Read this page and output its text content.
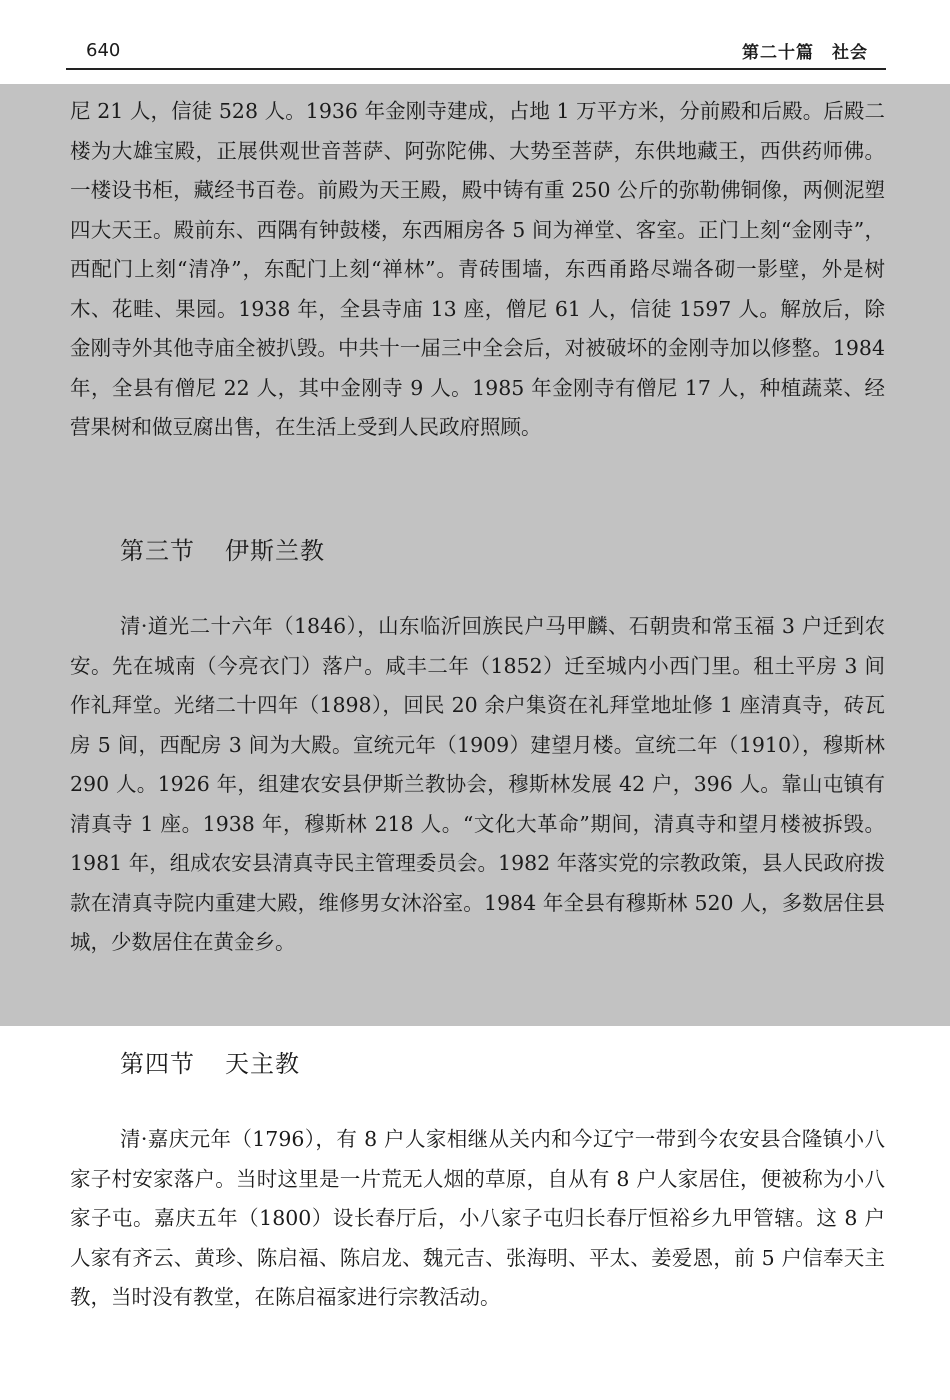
640	第二十篇　社会

尼 21 人，信徒 528 人。1936 年金刚寺建成，占地 1 万平方米，分前殿和后殿。后殿二楼为大雄宝殿，正展供观世音菩萨、阿弥陀佛、大势至菩萨，东供地藏王，西供药师佛。一楼设书柜，藏经书百卷。前殿为天王殿，殿中铸有重 250 公斤的弥勒佛铜像，两侧泥塑四大天王。殿前东、西隅有钟鼓楼，东西厢房各 5 间为禅堂、客室。正门上刻“金刚寺”，西配门上刻“清净”，东配门上刻“禅林”。青砖围墙，东西甬路尽端各砌一影壁，外是树木、花畦、果园。1938 年，全县寺庙 13 座，僧尼 61 人，信徒 1597 人。解放后，除金刚寺外其他寺庙全被扒毁。中共十一届三中全会后，对被破坏的金刚寺加以修整。1984 年，全县有僧尼 22 人，其中金刚寺 9 人。1985 年金刚寺有僧尼 17 人，种植蔬菜、经营果树和做豆腐出售，在生活上受到人民政府照顾。

第三节 伊斯兰教

清·道光二十六年（1846），山东临沂回族民户马甲麟、石朝贵和常玉福 3 户迁到农安。先在城南（今亮衣门）落户。咸丰二年（1852）迁至城内小西门里。租土平房 3 间作礼拜堂。光绪二十四年（1898），回民 20 余户集资在礼拜堂地址修 1 座清真寺，砖瓦房 5 间，西配房 3 间为大殿。宣统元年（1909）建望月楼。宣统二年（1910），穆斯林 290 人。1926 年，组建农安县伊斯兰教协会，穆斯林发展 42 户，396 人。靠山屯镇有清真寺 1 座。1938 年，穆斯林 218 人。“文化大革命”期间，清真寺和望月楼被拆毁。1981 年，组成农安县清真寺民主管理委员会。1982 年落实党的宗教政策，县人民政府拨款在清真寺院内重建大殿，维修男女沐浴室。1984 年全县有穆斯林 520 人，多数居住县城，少数居住在黄金乡。

第四节 天主教

清·嘉庆元年（1796），有 8 户人家相继从关内和今辽宁一带到今农安县合隆镇小八家子村安家落户。当时这里是一片荒无人烟的草原，自从有 8 户人家居住，便被称为小八家子屯。嘉庆五年（1800）设长春厅后，小八家子屯归长春厅恒裕乡九甲管辖。这 8 户人家有齐云、黄珍、陈启福、陈启龙、魏元吉、张海明、平太、姜爱恩，前 5 户信奉天主教，当时没有教堂，在陈启福家进行宗教活动。
